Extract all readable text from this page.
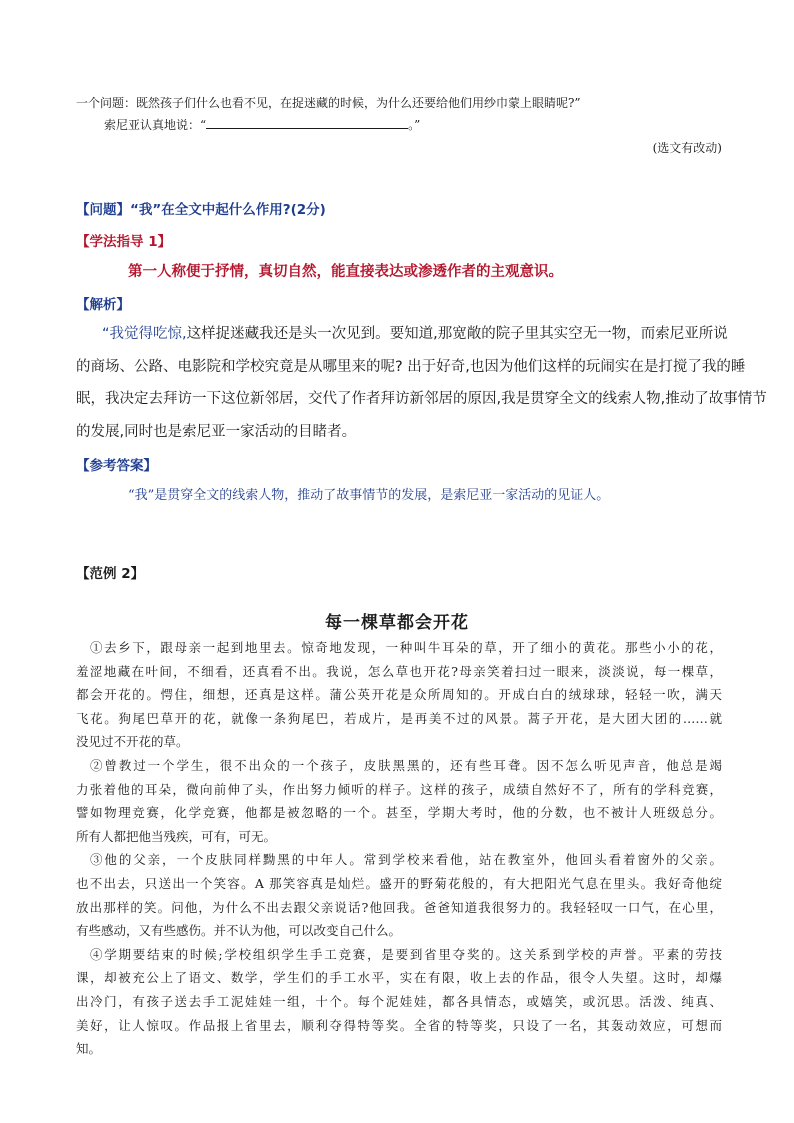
一个问题：既然孩子们什么也看不见，在捉迷藏的时候，为什么还要给他们用纱巾蒙上眼睛呢?”
索尼亚认真地说：“	。”
(选文有改动)
【问题】“我”在全文中起什么作用?(2分)
【学法指导 1】
第一人称便于抒情，真切自然，能直接表达或渗透作者的主观意识。
【解析】
“我觉得吃惊,这样捉迷藏我还是头一次见到。要知道,那宽敞的院子里其实空无一物，而索尼亚所说
的商场、公路、电影院和学校究竟是从哪里来的呢? 出于好奇,也因为他们这样的玩闹实在是打搅了我的睡
眠，我决定去拜访一下这位新邻居，交代了作者拜访新邻居的原因,我是贯穿全文的线索人物,推动了故事情节
的发展,同时也是索尼亚一家活动的目睹者。
【参考答案】
“我”是贯穿全文的线索人物，推动了故事情节的发展，是索尼亚一家活动的见证人。
【范例 2】
每一棵草都会开花
①去乡下，跟母亲一起到地里去。惊奇地发现，一种叫牛耳朵的草，开了细小的黄花。那些小小的花，
羞涩地藏在叶间，不细看，还真看不出。我说，怎么草也开花?母亲笑着扫过一眼来，淡淡说，每一棵草，
都会开花的。愕住，细想，还真是这样。蒲公英开花是众所周知的。开成白白的绒球球，轻轻一吹，满天
飞花。狗尾巴草开的花，就像一条狗尾巴，若成片，是再美不过的风景。蒿子开花，是大团大团的……就
没见过不开花的草。
②曾教过一个学生，很不出众的一个孩子，皮肤黑黑的，还有些耳聋。因不怎么听见声音，他总是竭
力张着他的耳朵，微向前伸了头，作出努力倾听的样子。这样的孩子，成绩自然好不了，所有的学科竞赛，
譬如物理竞赛，化学竞赛，他都是被忽略的一个。甚至，学期大考时，他的分数，也不被计人班级总分。
所有人都把他当残疾，可有，可无。
③他的父亲，一个皮肤同样黝黑的中年人。常到学校来看他，站在教室外，他回头看着窗外的父亲。
也不出去，只送出一个笑容。A 那笑容真是灿烂。盛开的野菊花般的，有大把阳光气息在里头。我好奇他绽
放出那样的笑。问他，为什么不出去跟父亲说话?他回我。爸爸知道我很努力的。我轻轻叹一口气，在心里，
有些感动，又有些感伤。并不认为他，可以改变自己什么。
④学期要结束的时候;学校组织学生手工竞赛，是要到省里夺奖的。这关系到学校的声誉。平素的劳技
课，却被充公上了语文、数学，学生们的手工水平，实在有限，收上去的作品，很令人失望。这时，却爆
出冷门，有孩子送去手工泥娃娃一组，十个。每个泥娃娃，都各具情态，或嬉笑，或沉思。活泼、纯真、
美好，让人惊叹。作品报上省里去，顺利夺得特等奖。全省的特等奖，只设了一名，其轰动效应，可想而
知。
